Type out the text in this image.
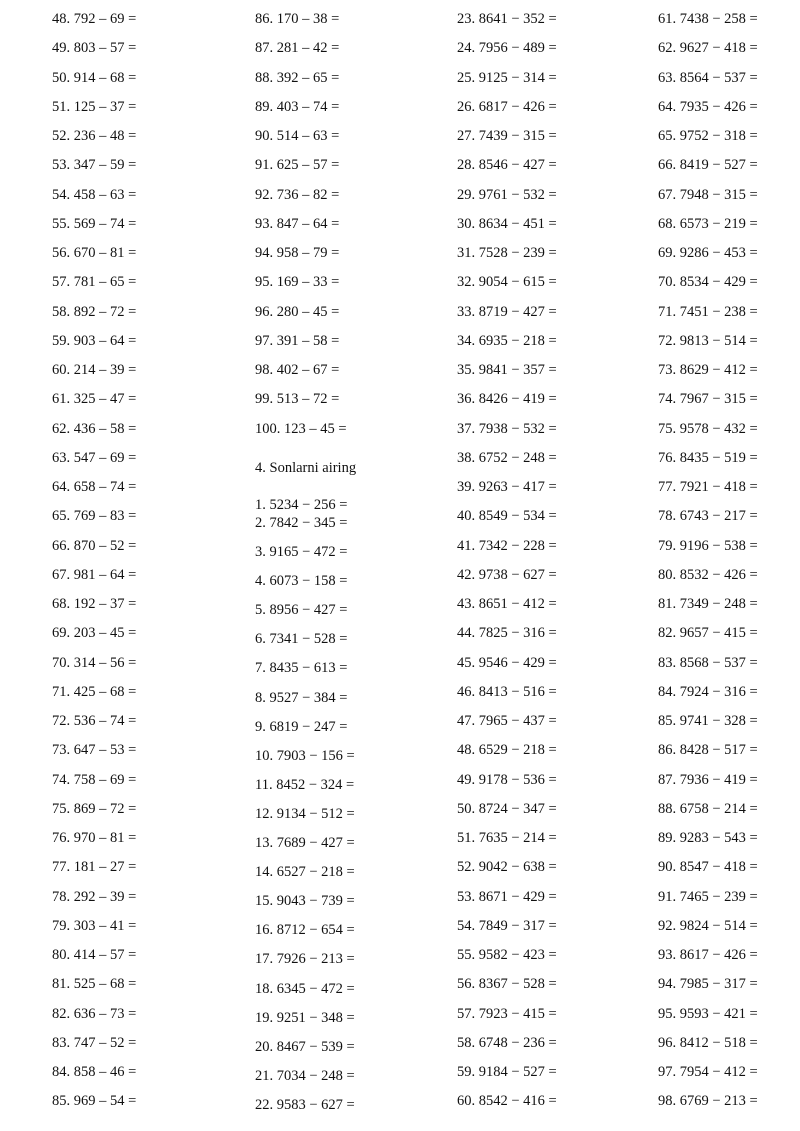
48. 792 – 69 =
49. 803 – 57 =
50. 914 – 68 =
51. 125 – 37 =
52. 236 – 48 =
53. 347 – 59 =
54. 458 – 63 =
55. 569 – 74 =
56. 670 – 81 =
57. 781 – 65 =
58. 892 – 72 =
59. 903 – 64 =
60. 214 – 39 =
61. 325 – 47 =
62. 436 – 58 =
63. 547 – 69 =
64. 658 – 74 =
65. 769 – 83 =
66. 870 – 52 =
67. 981 – 64 =
68. 192 – 37 =
69. 203 – 45 =
70. 314 – 56 =
71. 425 – 68 =
72. 536 – 74 =
73. 647 – 53 =
74. 758 – 69 =
75. 869 – 72 =
76. 970 – 81 =
77. 181 – 27 =
78. 292 – 39 =
79. 303 – 41 =
80. 414 – 57 =
81. 525 – 68 =
82. 636 – 73 =
83. 747 – 52 =
84. 858 – 46 =
85. 969 – 54 =
86. 170 – 38 =
87. 281 – 42 =
88. 392 – 65 =
89. 403 – 74 =
90. 514 – 63 =
91. 625 – 57 =
92. 736 – 82 =
93. 847 – 64 =
94. 958 – 79 =
95. 169 – 33 =
96. 280 – 45 =
97. 391 – 58 =
98. 402 – 67 =
99. 513 – 72 =
100. 123 – 45 =
4. Sonlarni airing
1. 5234 − 256 =
2. 7842 − 345 =
3. 9165 − 472 =
4. 6073 − 158 =
5. 8956 − 427 =
6. 7341 − 528 =
7. 8435 − 613 =
8. 9527 − 384 =
9. 6819 − 247 =
10. 7903 − 156 =
11. 8452 − 324 =
12. 9134 − 512 =
13. 7689 − 427 =
14. 6527 − 218 =
15. 9043 − 739 =
16. 8712 − 654 =
17. 7926 − 213 =
18. 6345 − 472 =
19. 9251 − 348 =
20. 8467 − 539 =
21. 7034 − 248 =
22. 9583 − 627 =
23. 8641 − 352 =
24. 7956 − 489 =
25. 9125 − 314 =
26. 6817 − 426 =
27. 7439 − 315 =
28. 8546 − 427 =
29. 9761 − 532 =
30. 8634 − 451 =
31. 7528 − 239 =
32. 9054 − 615 =
33. 8719 − 427 =
34. 6935 − 218 =
35. 9841 − 357 =
36. 8426 − 419 =
37. 7938 − 532 =
38. 6752 − 248 =
39. 9263 − 417 =
40. 8549 − 534 =
41. 7342 − 228 =
42. 9738 − 627 =
43. 8651 − 412 =
44. 7825 − 316 =
45. 9546 − 429 =
46. 8413 − 516 =
47. 7965 − 437 =
48. 6529 − 218 =
49. 9178 − 536 =
50. 8724 − 347 =
51. 7635 − 214 =
52. 9042 − 638 =
53. 8671 − 429 =
54. 7849 − 317 =
55. 9582 − 423 =
56. 8367 − 528 =
57. 7923 − 415 =
58. 6748 − 236 =
59. 9184 − 527 =
60. 8542 − 416 =
61. 7438 − 258 =
62. 9627 − 418 =
63. 8564 − 537 =
64. 7935 − 426 =
65. 9752 − 318 =
66. 8419 − 527 =
67. 7948 − 315 =
68. 6573 − 219 =
69. 9286 − 453 =
70. 8534 − 429 =
71. 7451 − 238 =
72. 9813 − 514 =
73. 8629 − 412 =
74. 7967 − 315 =
75. 9578 − 432 =
76. 8435 − 519 =
77. 7921 − 418 =
78. 6743 − 217 =
79. 9196 − 538 =
80. 8532 − 426 =
81. 7349 − 248 =
82. 9657 − 415 =
83. 8568 − 537 =
84. 7924 − 316 =
85. 9741 − 328 =
86. 8428 − 517 =
87. 7936 − 419 =
88. 6758 − 214 =
89. 9283 − 543 =
90. 8547 − 418 =
91. 7465 − 239 =
92. 9824 − 514 =
93. 8617 − 426 =
94. 7985 − 317 =
95. 9593 − 421 =
96. 8412 − 518 =
97. 7954 − 412 =
98. 6769 − 213 =
